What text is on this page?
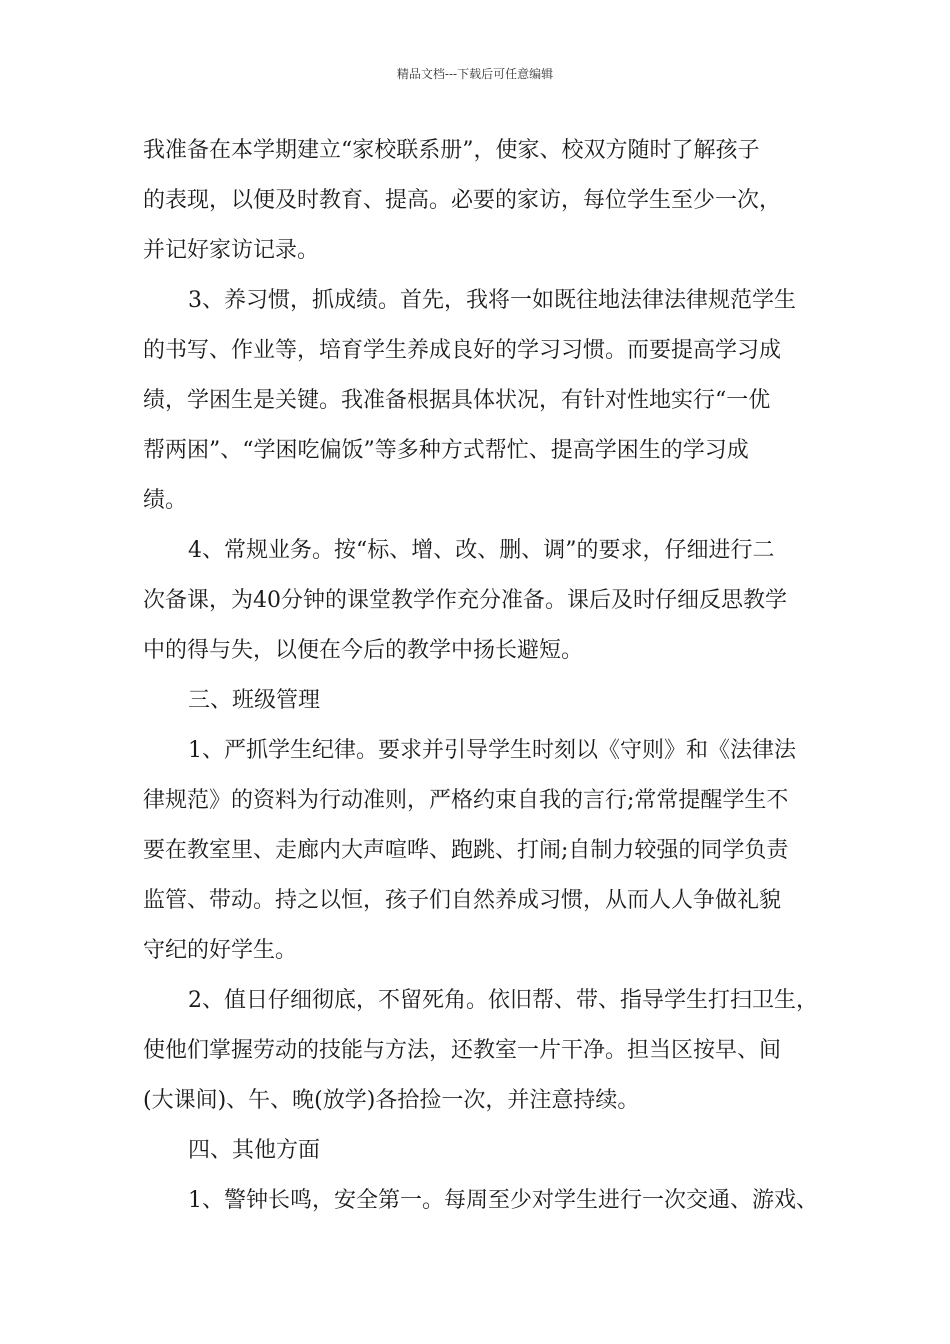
精品文档---下载后可任意编辑
我准备在本学期建立“家校联系册”，使家、校双方随时了解孩子
的表现，以便及时教育、提高。必要的家访，每位学生至少一次，
并记好家访记录。
3、养习惯，抓成绩。首先，我将一如既往地法律法律规范学生
的书写、作业等，培育学生养成良好的学习习惯。而要提高学习成
绩，学困生是关键。我准备根据具体状况，有针对性地实行“一优
帮两困”、“学困吃偏饭”等多种方式帮忙、提高学困生的学习成
绩。
4、常规业务。按“标、增、改、删、调”的要求，仔细进行二
次备课，为40分钟的课堂教学作充分准备。课后及时仔细反思教学
中的得与失，以便在今后的教学中扬长避短。
三、班级管理
1、严抓学生纪律。要求并引导学生时刻以《守则》和《法律法
律规范》的资料为行动准则，严格约束自我的言行;常常提醒学生不
要在教室里、走廊内大声喧哗、跑跳、打闹;自制力较强的同学负责
监管、带动。持之以恒，孩子们自然养成习惯，从而人人争做礼貌
守纪的好学生。
2、值日仔细彻底，不留死角。依旧帮、带、指导学生打扫卫生，
使他们掌握劳动的技能与方法，还教室一片干净。担当区按早、间
(大课间)、午、晚(放学)各拾捡一次，并注意持续。
四、其他方面
1、警钟长鸣，安全第一。每周至少对学生进行一次交通、游戏、
